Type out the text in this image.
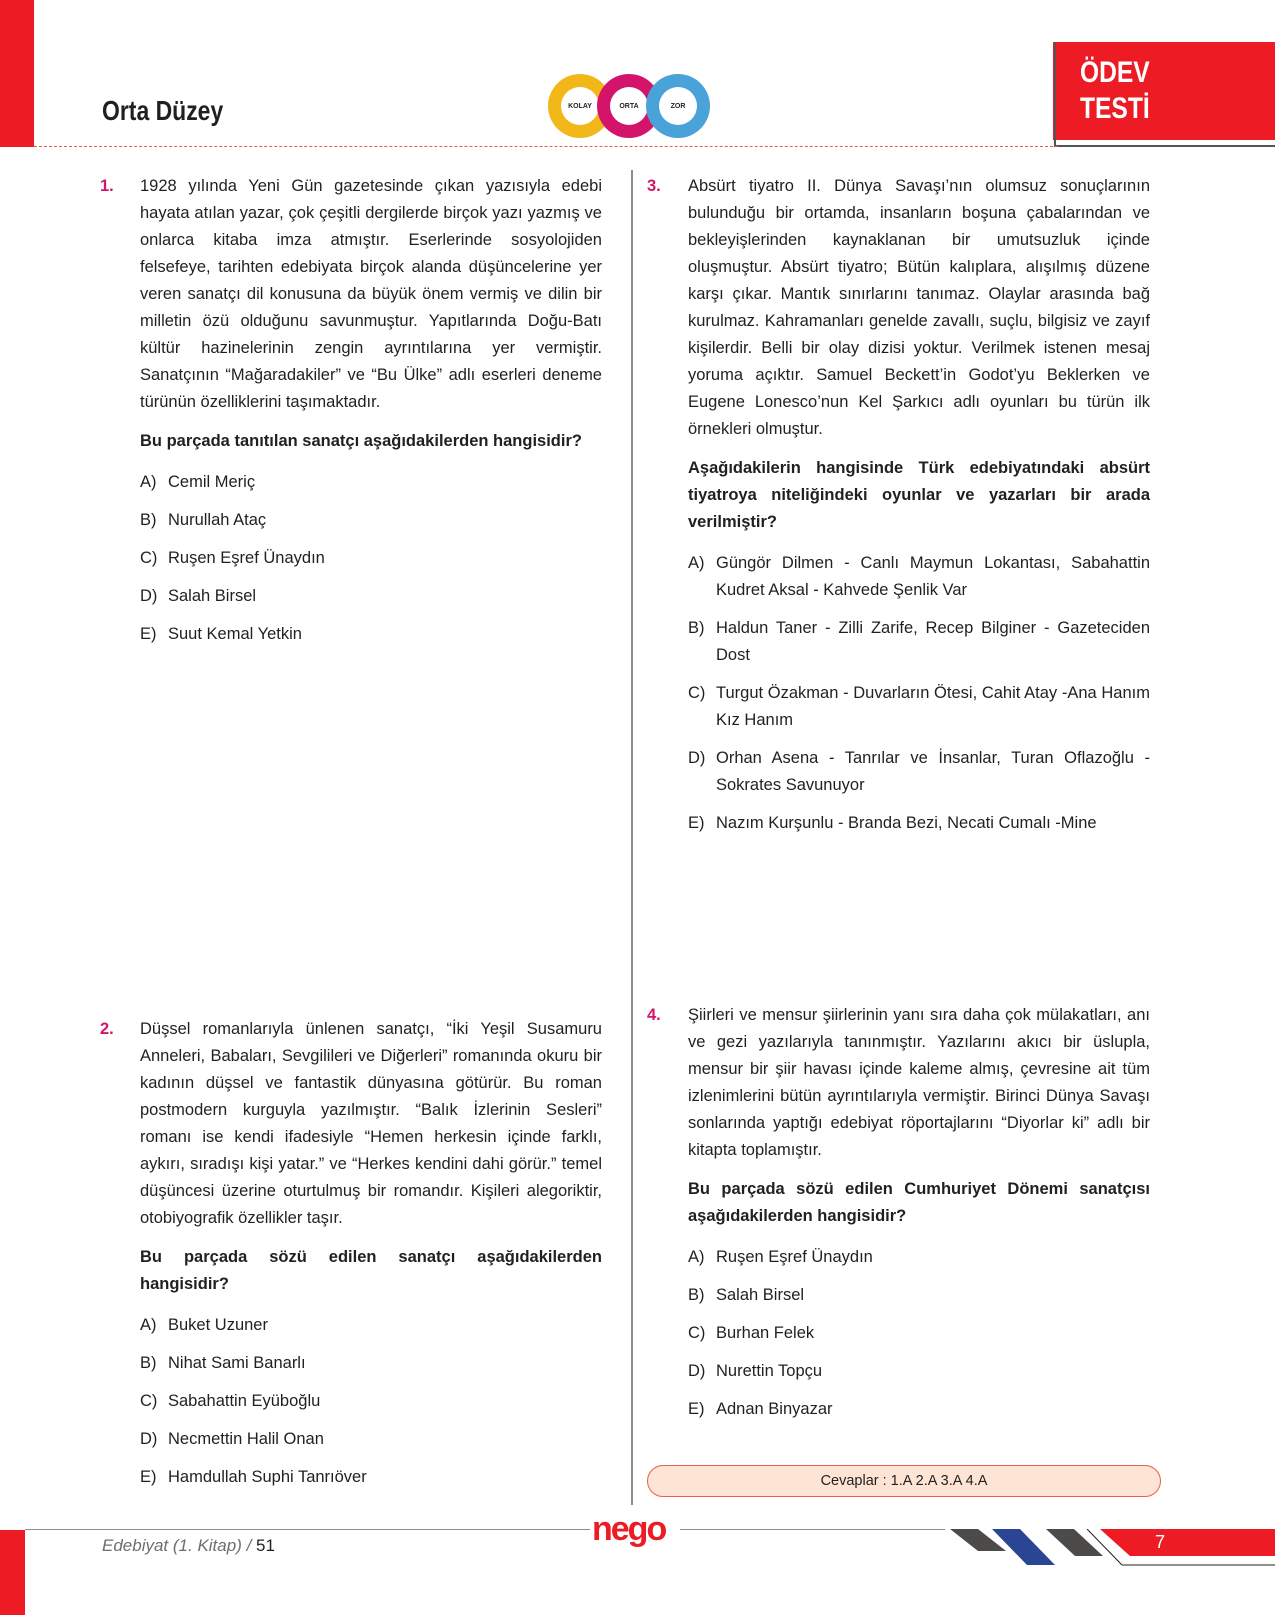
Orta Düzey	KOLAY	ORTA	ZOR
ÖDEV
TESTİ
1. 1928 yılında Yeni Gün gazetesinde çıkan yazısıyla edebi hayata atılan yazar, çok çeşitli dergilerde birçok yazı yazmış ve onlarca kitaba imza atmıştır. Eserlerinde sosyolojiden felsefeye, tarihten edebiyata birçok alanda düşüncelerine yer veren sanatçı dil konusuna da büyük önem vermiş ve dilin bir milletin özü olduğunu savunmuştur. Yapıtlarında Doğu-Batı kültür hazinelerinin zengin ayrıntılarına yer vermiştir. Sanatçının “Mağaradakiler” ve “Bu Ülke” adlı eserleri deneme türünün özelliklerini taşımaktadır.

Bu parçada tanıtılan sanatçı aşağıdakilerden hangisidir?

A) Cemil Meriç
B) Nurullah Ataç
C) Ruşen Eşref Ünaydın
D) Salah Birsel
E) Suut Kemal Yetkin
2. Düşsel romanlarıyla ünlenen sanatçı, “İki Yeşil Susamuru Anneleri, Babaları, Sevgilileri ve Diğerleri” romanında okuru bir kadının düşsel ve fantastik dünyasına götürür. Bu roman postmodern kurguyla yazılmıştır. “Balık İzlerinin Sesleri” romanı ise kendi ifadesiyle “Hemen herkesin içinde farklı, aykırı, sıradışı kişi yatar.” ve “Herkes kendini dahi görür.” temel düşüncesi üzerine oturtulmuş bir romandır. Kişileri alegoriktir, otobiyografik özellikler taşır.

Bu parçada sözü edilen sanatçı aşağıdakilerden hangisidir?

A) Buket Uzuner
B) Nihat Sami Banarlı
C) Sabahattin Eyüboğlu
D) Necmettin Halil Onan
E) Hamdullah Suphi Tanrıöver
3. Absürt tiyatro II. Dünya Savaşı’nın olumsuz sonuçlarının bulunduğu bir ortamda, insanların boşuna çabalarından ve bekleyişlerinden kaynaklanan bir umutsuzluk içinde oluşmuştur. Absürt tiyatro; Bütün kalıplara, alışılmış düzene karşı çıkar. Mantık sınırlarını tanımaz. Olaylar arasında bağ kurulmaz. Kahramanları genelde zavallı, suçlu, bilgisiz ve zayıf kişilerdir. Belli bir olay dizisi yoktur. Verilmek istenen mesaj yoruma açıktır. Samuel Beckett’in Godot’yu Beklerken ve Eugene Lonesco’nun Kel Şarkıcı adlı oyunları bu türün ilk örnekleri olmuştur.

Aşağıdakilerin hangisinde Türk edebiyatındaki absürt tiyatroya niteliğindeki oyunlar ve yazarları bir arada verilmiştir?

A) Güngör Dilmen - Canlı Maymun Lokantası, Sabahattin Kudret Aksal - Kahvede Şenlik Var
B) Haldun Taner - Zilli Zarife, Recep Bilginer - Gazeteciden Dost
C) Turgut Özakman - Duvarların Ötesi, Cahit Atay -Ana Hanım Kız Hanım
D) Orhan Asena - Tanrılar ve İnsanlar, Turan Oflazoğlu - Sokrates Savunuyor
E) Nazım Kurşunlu - Branda Bezi, Necati Cumalı -Mine
4. Şiirleri ve mensur şiirlerinin yanı sıra daha çok mülakatları, anı ve gezi yazılarıyla tanınmıştır. Yazılarını akıcı bir üslupla, mensur bir şiir havası içinde kaleme almış, çevresine ait tüm izlenimlerini bütün ayrıntılarıyla vermiştir. Birinci Dünya Savaşı sonlarında yaptığı edebiyat röportajlarını “Diyorlar ki” adlı bir kitapta toplamıştır.

Bu parçada sözü edilen Cumhuriyet Dönemi sanatçısı aşağıdakilerden hangisidir?

A) Ruşen Eşref Ünaydın
B) Salah Birsel
C) Burhan Felek
D) Nurettin Topçu
E) Adnan Binyazar
Cevaplar : 1.A 2.A 3.A 4.A
Edebiyat (1. Kitap) / 51	nego	7
